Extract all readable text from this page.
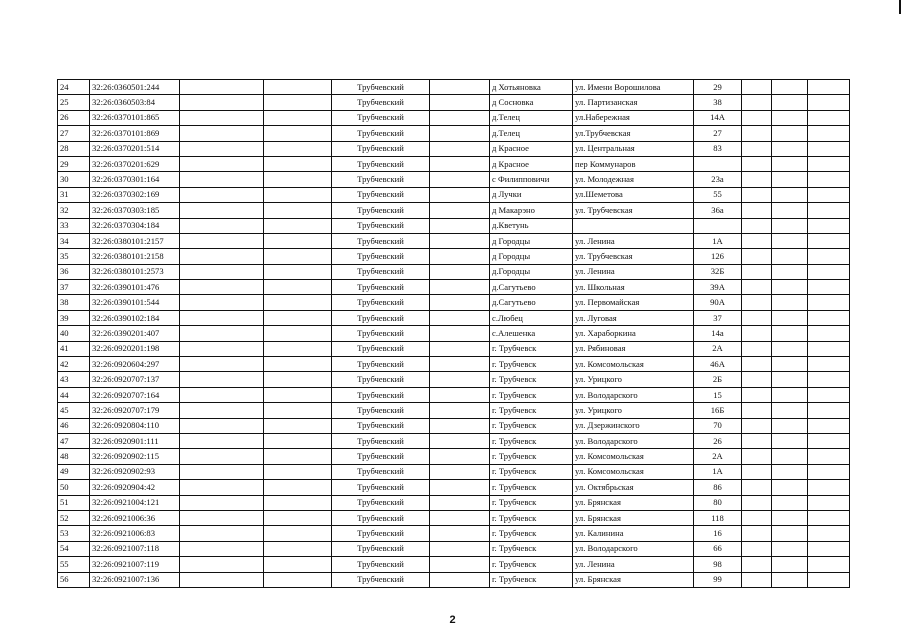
24	32:26:0360501:244			Трубчевский		д Хотьяновка	ул. Имени Ворошилова	29			
25	32:26:0360503:84			Трубчевский		д Сосновка	ул. Партизанская	38			
26	32:26:0370101:865			Трубчевский		д.Телец	ул.Набережная	14А			
27	32:26:0370101:869			Трубчевский		д.Телец	ул.Трубчевская	27			
28	32:26:0370201:514			Трубчевский		д Красное	ул. Центральная	83			
29	32:26:0370201:629			Трубчевский		д Красное	пер Коммунаров				
30	32:26:0370301:164			Трубчевский		с Филипповичи	ул. Молодежная	23а			
31	32:26:0370302:169			Трубчевский		д Лучки	ул.Шеметова	55			
32	32:26:0370303:185			Трубчевский		д Макарэно	ул. Трубчевская	36а			
33	32:26:0370304:184			Трубчевский		д.Кветунь					
34	32:26:0380101:2157			Трубчевский		д Городцы	ул. Ленина	1А			
35	32:26:0380101:2158			Трубчевский		д Городцы	ул. Трубчевская	126			
36	32:26:0380101:2573			Трубчевский		д.Городцы	ул. Ленина	32Б			
37	32:26:0390101:476			Трубчевский		д.Сагутьево	ул. Школьная	39А			
38	32:26:0390101:544			Трубчевский		д.Сагутьево	ул. Первомайская	90А			
39	32:26:0390102:184			Трубчевский		с.Любец	ул. Луговая	37			
40	32:26:0390201:407			Трубчевский		с.Алешенка	ул. Хараборкина	14а			
41	32:26:0920201:198			Трубчевский		г. Трубчевск	ул. Рябиновая	2А			
42	32:26:0920604:297			Трубчевский		г. Трубчевск	ул. Комсомольская	46А			
43	32:26:0920707:137			Трубчевский		г. Трубчевск	ул. Урицкого	2Б			
44	32:26:0920707:164			Трубчевский		г. Трубчевск	ул. Володарского	15			
45	32:26:0920707:179			Трубчевский		г. Трубчевск	ул. Урицкого	16Б			
46	32:26:0920804:110			Трубчевский		г. Трубчевск	ул. Дзержинского	70			
47	32:26:0920901:111			Трубчевский		г. Трубчевск	ул. Володарского	26			
48	32:26:0920902:115			Трубчевский		г. Трубчевск	ул. Комсомольская	2А			
49	32:26:0920902:93			Трубчевский		г. Трубчевск	ул. Комсомольская	1А			
50	32:26:0920904:42			Трубчевский		г. Трубчевск	ул. Октябрьская	86			
51	32:26:0921004:121			Трубчевский		г. Трубчевск	ул. Брянская	80			
52	32:26:0921006:36			Трубчевский		г. Трубчевск	ул. Брянская	118			
53	32:26:0921006:83			Трубчевский		г. Трубчевск	ул. Калинина	16			
54	32:26:0921007:118			Трубчевский		г. Трубчевск	ул. Володарского	66			
55	32:26:0921007:119			Трубчевский		г. Трубчевск	ул. Ленина	98			
56	32:26:0921007:136			Трубчевский		г. Трубчевск	ул. Брянская	99			
2
